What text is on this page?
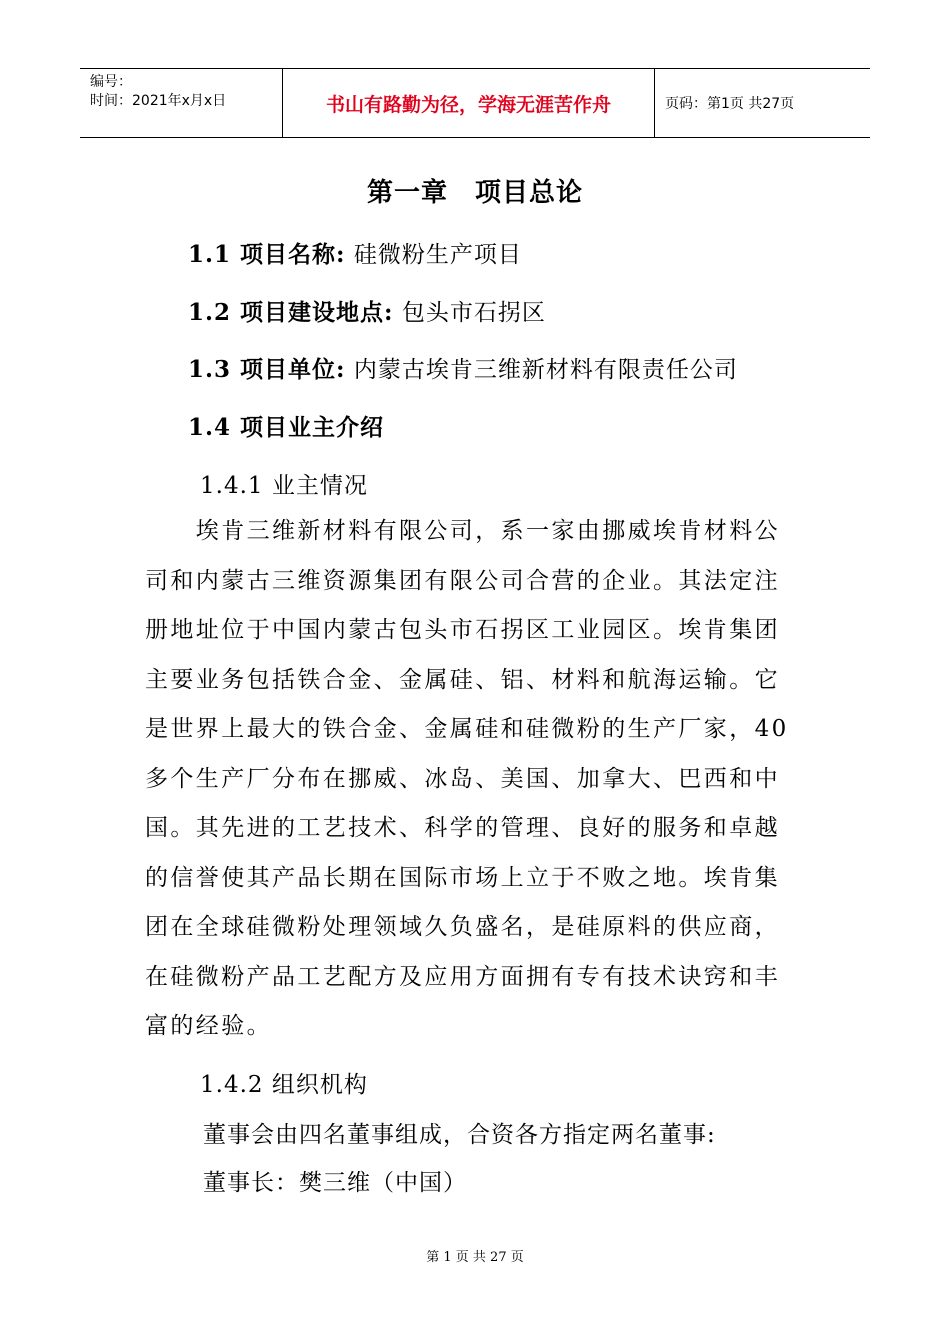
编号：
时间：2021年x月x日	书山有路勤为径，学海无涯苦作舟	页码：第1页 共27页
第一章　项目总论
1.1 项目名称: 硅微粉生产项目
1.2 项目建设地点: 包头市石拐区
1.3 项目单位: 内蒙古埃肯三维新材料有限责任公司
1.4 项目业主介绍
1.4.1 业主情况
　　埃肯三维新材料有限公司，系一家由挪威埃肯材料公
司和内蒙古三维资源集团有限公司合营的企业。其法定注
册地址位于中国内蒙古包头市石拐区工业园区。埃肯集团
主要业务包括铁合金、金属硅、铝、材料和航海运输。它
是世界上最大的铁合金、金属硅和硅微粉的生产厂家，40
多个生产厂分布在挪威、冰岛、美国、加拿大、巴西和中
国。其先进的工艺技术、科学的管理、良好的服务和卓越
的信誉使其产品长期在国际市场上立于不败之地。埃肯集
团在全球硅微粉处理领域久负盛名，是硅原料的供应商，
在硅微粉产品工艺配方及应用方面拥有专有技术诀窍和丰
富的经验。
1.4.2 组织机构
董事会由四名董事组成，合资各方指定两名董事:
董事长：樊三维（中国）
第 1 页 共 27 页
